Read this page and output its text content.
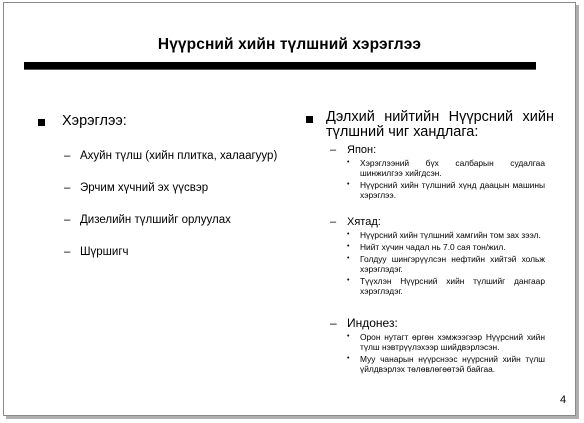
Нүүрсний хийн түлшний хэрэглээ
Хэрэглээ:
– Ахуйн түлш (хийн плитка, халаагуур)
– Эрчим хүчний эх үүсвэр
– Дизелийн түлшийг орлуулах
– Шүршигч
Дэлхий нийтийн Нүүрсний хийн түлшний чиг хандлага:
– Япон:
•	Хэрэглээний бүх салбарын судалгаа шинжилгээ хийгдсэн.
•	Нүүрсний хийн түлшний хүнд даацын машины хэрэглээ.
– Хятад:
•	Нүүрсний хийн түлшний хамгийн том зах зээл.
•	Нийт хүчин чадал нь 7.0 сая тон/жил.
•	Голдуу шингэрүүлсэн нефтийн хийтэй хольж хэрэглэдэг.
•	Түүхлэн Нүүрсний хийн түлшийг дангаар хэрэглэдэг.
– Индонез:
•	Орон нутагт өргөн хэмжээгээр Нүүрсний хийн түлш нэвтрүүлэхээр шийдвэрлэсэн.
•	Муу чанарын нүүрснээс нүүрсний хийн түлш үйлдвэрлэх төлөвлөгөөтэй байгаа.
4
